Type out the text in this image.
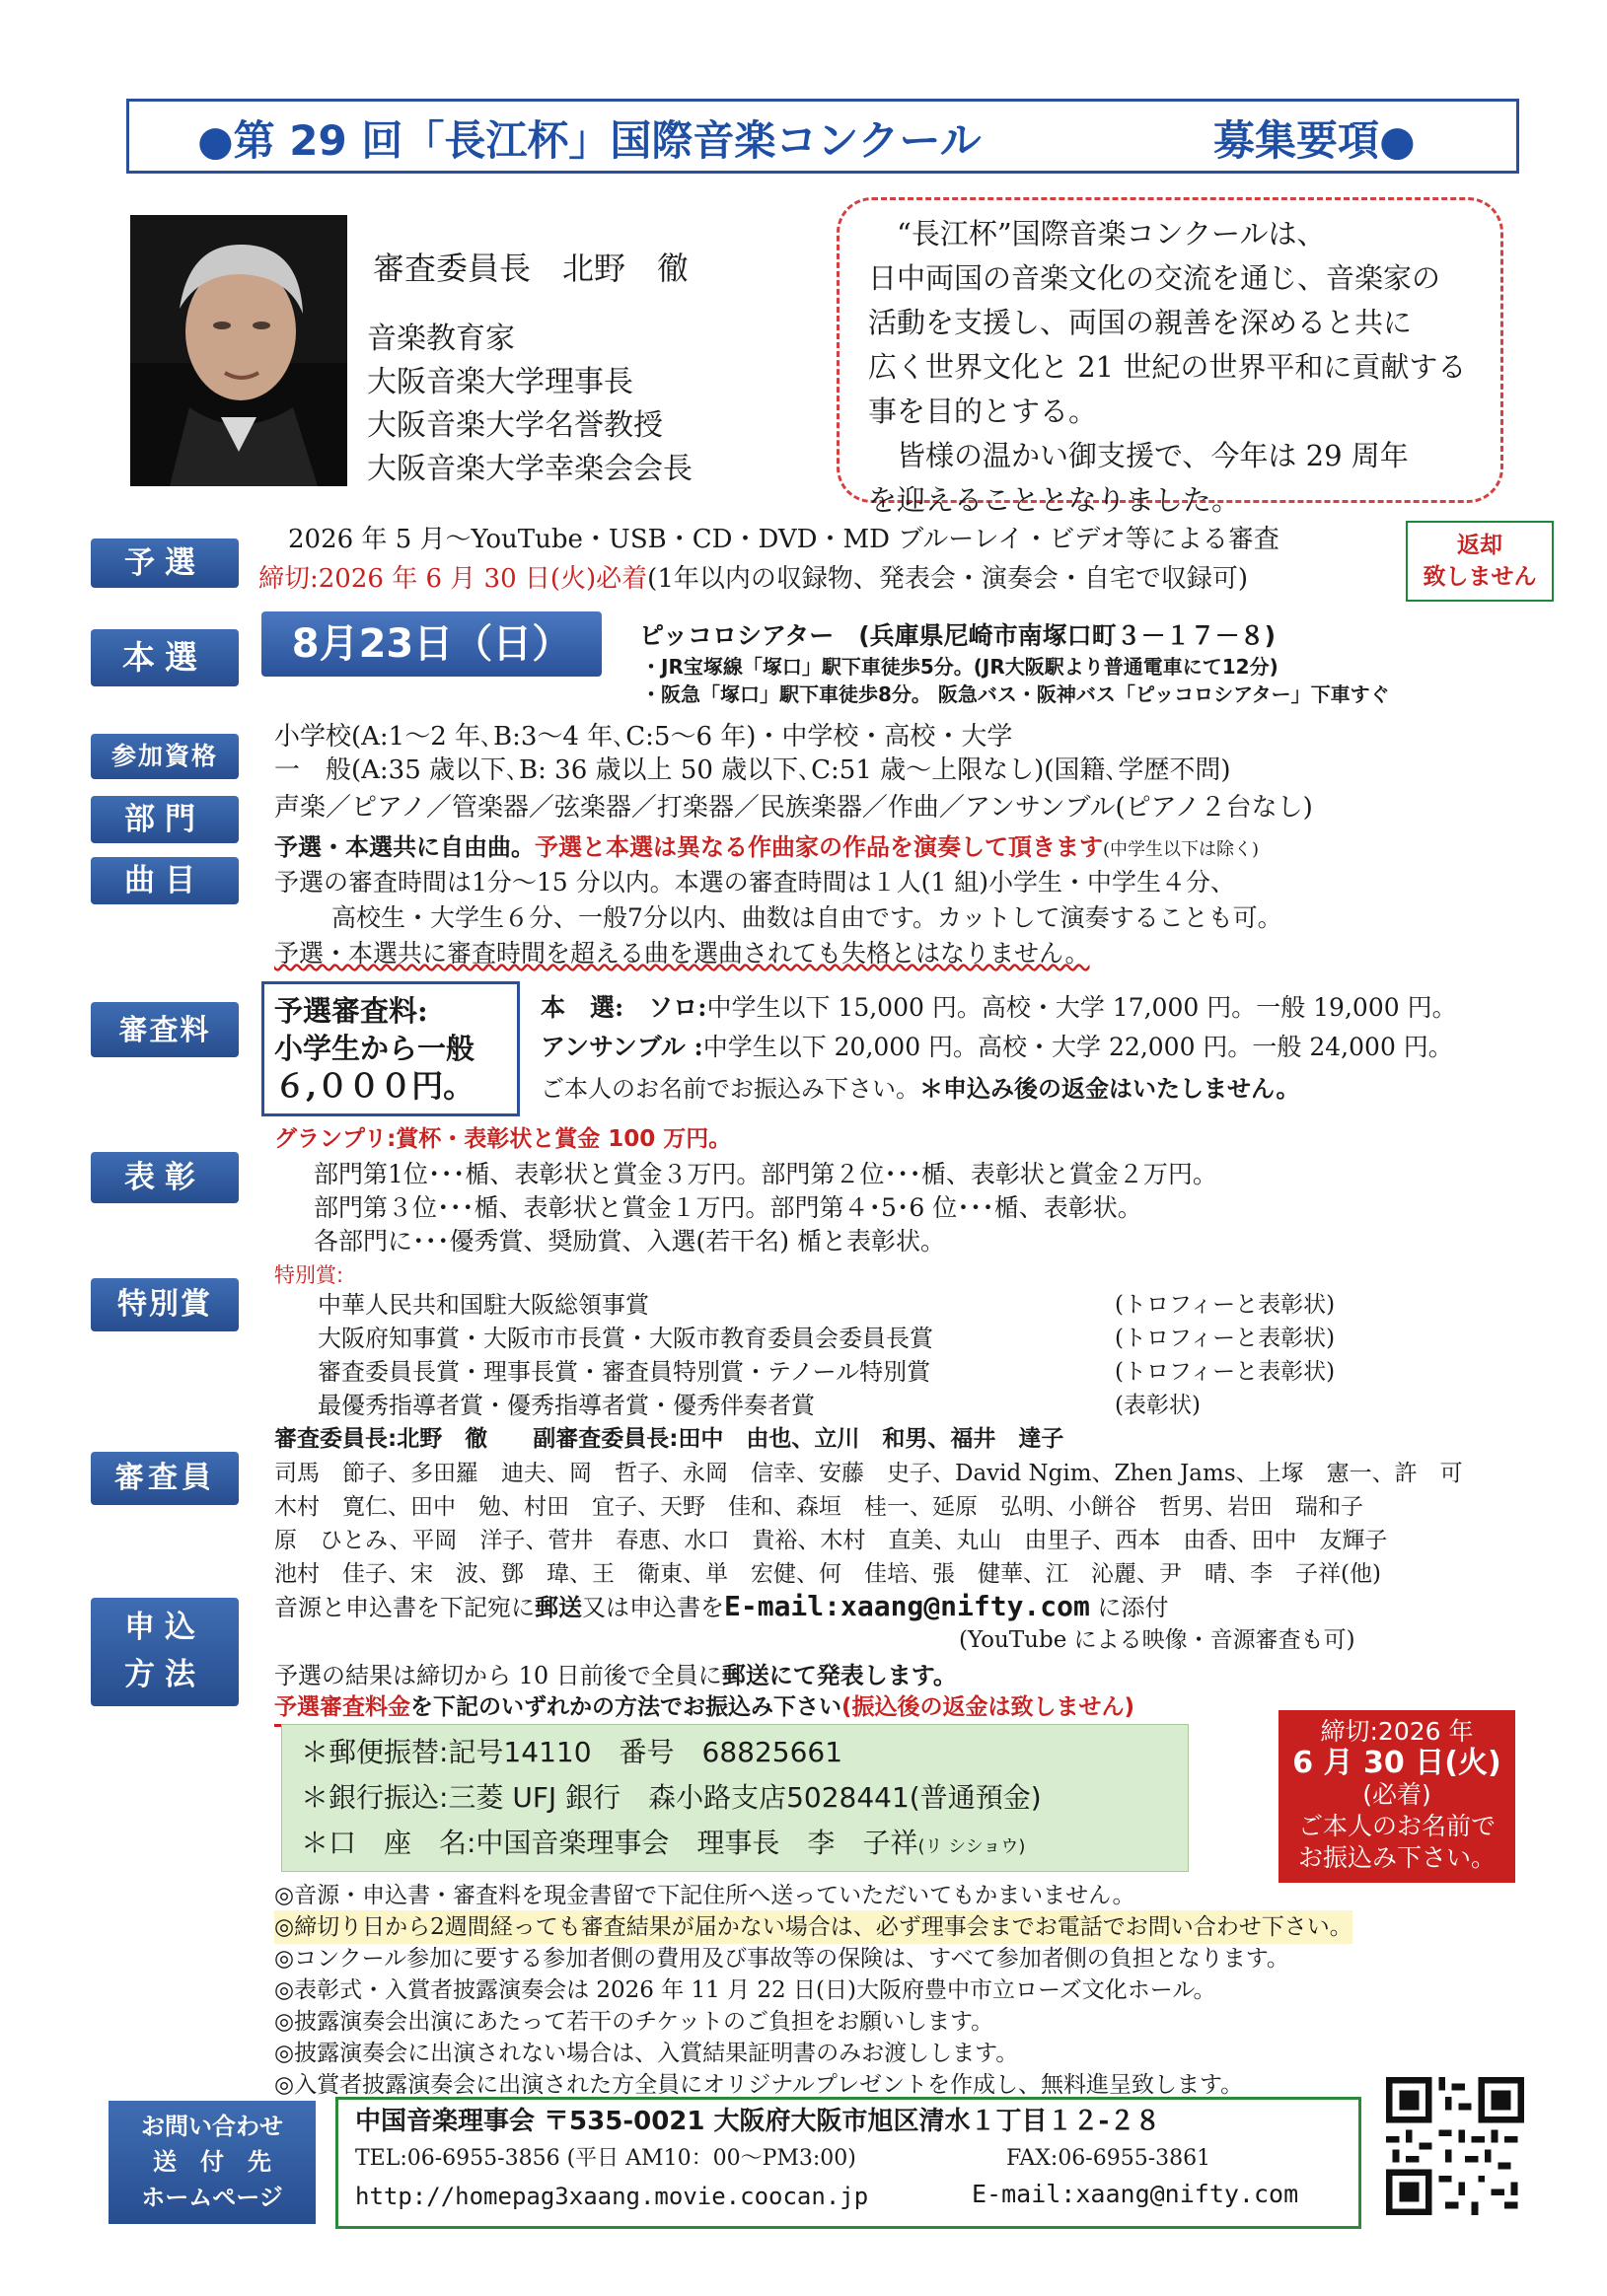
●第 29 回「長江杯」国際音楽コンクール	募集要項●
審査委員長　北野　徹
音楽教育家
大阪音楽大学理事長
大阪音楽大学名誉教授
大阪音楽大学幸楽会会長
　“長江杯”国際音楽コンクールは、
日中両国の音楽文化の交流を通じ、音楽家の
活動を支援し、両国の親善を深めると共に
広く世界文化と 21 世紀の世界平和に貢献する
事を目的とする。
　皆様の温かい御支援で、今年は 29 周年
を迎えることとなりました。
予選
2026 年 5 月～YouTube・USB・CD・DVD・MD ブルーレイ・ビデオ等による審査
締切:2026 年 6 月 30 日(火)必着(1年以内の収録物、発表会・演奏会・自宅で収録可)
返却
致しません
本選	8月23日（日）	ピッコロシアター　(兵庫県尼崎市南塚口町３－１７－８)
・JR宝塚線「塚口」駅下車徒歩5分。(JR大阪駅より普通電車にて12分)
・阪急「塚口」駅下車徒歩8分。 阪急バス・阪神バス「ピッコロシアター」下車すぐ
参加資格
小学校(A:1～2 年､B:3～4 年､C:5～6 年)・中学校・高校・大学
一　般(A:35 歳以下､B: 36 歳以上 50 歳以下､C:51 歳～上限なし)(国籍､学歴不問)
部門	声楽／ピアノ／管楽器／弦楽器／打楽器／民族楽器／作曲／アンサンブル(ピアノ２台なし)
曲目
予選・本選共に自由曲。予選と本選は異なる作曲家の作品を演奏して頂きます(中学生以下は除く)
予選の審査時間は1分～15 分以内。本選の審査時間は１人(1 組)小学生・中学生４分、
高校生・大学生６分、一般7分以内、曲数は自由です。カットして演奏することも可。
予選・本選共に審査時間を超える曲を選曲されても失格とはなりません。
審査料
予選審査料:
小学生から一般
６,０００円。
本　選:　ソロ:中学生以下 15,000 円。高校・大学 17,000 円。一般 19,000 円。
アンサンブル :中学生以下 20,000 円。高校・大学 22,000 円。一般 24,000 円。
ご本人のお名前でお振込み下さい。＊申込み後の返金はいたしません。
表彰
グランプリ:賞杯・表彰状と賞金 100 万円。
部門第1位･･･楯、表彰状と賞金３万円。部門第２位･･･楯、表彰状と賞金２万円。
部門第３位･･･楯、表彰状と賞金１万円。部門第４･5･6 位･･･楯、表彰状。
各部門に･･･優秀賞、奨励賞、入選(若干名) 楯と表彰状。
特別賞
特別賞:
中華人民共和国駐大阪総領事賞	(トロフィーと表彰状)
大阪府知事賞・大阪市市長賞・大阪市教育委員会委員長賞	(トロフィーと表彰状)
審査委員長賞・理事長賞・審査員特別賞・テノール特別賞	(トロフィーと表彰状)
最優秀指導者賞・優秀指導者賞・優秀伴奏者賞	(表彰状)
審査員
審査委員長:北野　徹　　副審査委員長:田中　由也、立川　和男、福井　達子
司馬　節子、多田羅　迪夫、岡　哲子、永岡　信幸、安藤　史子、David Ngim、Zhen Jams、上塚　憲一、許　可
木村　寛仁、田中　勉、村田　宜子、天野　佳和、森垣　桂一、延原　弘明、小餅谷　哲男、岩田　瑞和子
原　ひとみ、平岡　洋子、菅井　春恵、水口　貴裕、木村　直美、丸山　由里子、西本　由香、田中　友輝子
池村　佳子、宋　波、鄧　瑋、王　衛東、単　宏健、何　佳培、張　健華、江　沁麗、尹　晴、李　子祥(他)
申込
方法
音源と申込書を下記宛に郵送又は申込書をE-mail:xaang@nifty.com に添付
(YouTube による映像・音源審査も可)
予選の結果は締切から 10 日前後で全員に郵送にて発表します。
予選審査料金を下記のいずれかの方法でお振込み下さい(振込後の返金は致しません)
＊郵便振替:記号14110　番号　68825661
＊銀行振込:三菱 UFJ 銀行　森小路支店5028441(普通預金)
＊口　座　名:中国音楽理事会　理事長　李　子祥(リ シショウ)
締切:2026 年
6 月 30 日(火)
(必着)
ご本人のお名前で
お振込み下さい。
◎音源・申込書・審査料を現金書留で下記住所へ送っていただいてもかまいません。
◎締切り日から2週間経っても審査結果が届かない場合は、必ず理事会までお電話でお問い合わせ下さい。
◎コンクール参加に要する参加者側の費用及び事故等の保険は、すべて参加者側の負担となります。
◎表彰式・入賞者披露演奏会は 2026 年 11 月 22 日(日)大阪府豊中市立ローズ文化ホール。
◎披露演奏会出演にあたって若干のチケットのご負担をお願いします。
◎披露演奏会に出演されない場合は、入賞結果証明書のみお渡しします。
◎入賞者披露演奏会に出演された方全員にオリジナルプレゼントを作成し、無料進呈致します。
お問い合わせ
送　付　先
ホームページ
中国音楽理事会 〒535-0021 大阪府大阪市旭区清水１丁目１２-２８
TEL:06-6955-3856 (平日 AM10：00～PM3:00)	FAX:06-6955-3861
http://homepag3xaang.movie.coocan.jp	E-mail:xaang@nifty.com
